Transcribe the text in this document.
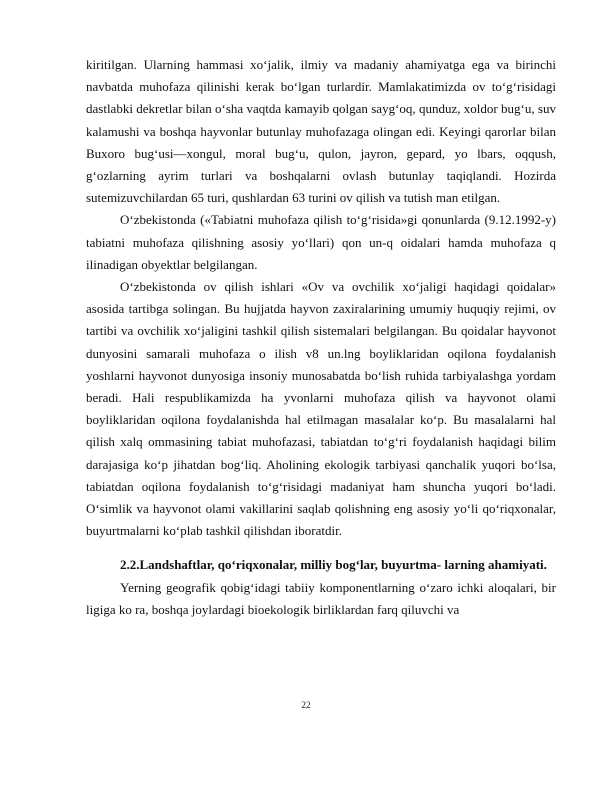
kiritilgan. Ularning hammasi xo‘jalik, ilmiy va madaniy ahamiyatga ega va birinchi navbatda muhofaza qilinishi kerak bo‘lgan turlardir. Mamlakatimizda ov to‘g‘risidagi dastlabki dekretlar bilan o‘sha vaqtda kamayib qolgan sayg‘oq, qunduz, xoldor bug‘u, suv kalamushi va boshqa hayvonlar butunlay muhofazaga olingan edi. Keyingi qarorlar bilan Buxoro bug‘usi—xongul, moral bug‘u, qulon, jayron, gepard, yo lbars, oqqush, g‘ozlarning ayrim turlari va boshqalarni ovlash butunlay taqiqlandi. Hozirda sutemizuvchilardan 65 turi, qushlardan 63 turini ov qilish va tutish man etilgan.

O‘zbekistonda («Tabiatni muhofaza qilish to‘g‘risida»gi qonunlarda (9.12.1992-y) tabiatni muhofaza qilishning asosiy yo‘llari) qon un-q oidalari hamda muhofaza q ilinadigan obyektlar belgilangan.

O‘zbekistonda ov qilish ishlari «Ov va ovchilik xo‘jaligi haqidagi qoidalar» asosida tartibga solingan. Bu hujjatda hayvon zaxiralarining umumiy huquqiy rejimi, ov tartibi va ovchilik xo‘jaligini tashkil qilish sistemalari belgilangan. Bu qoidalar hayvonot dunyosini samarali muhofaza o ilish v8 un.lng boyliklaridan oqilona foydalanish yoshlarni hayvonot dunyosiga insoniy munosabatda bo‘lish ruhida tarbiyalashga yordam beradi. Hali respublikamizda ha yvonlarni muhofaza qilish va hayvonot olami boyliklaridan oqilona foydalanishda hal etilmagan masalalar ko‘p. Bu masalalarni hal qilish xalq ommasining tabiat muhofazasi, tabiatdan to‘g‘ri foydalanish haqidagi bilim darajasiga ko‘p jihatdan bog‘liq. Aholining ekologik tarbiyasi qanchalik yuqori bo‘lsa, tabiatdan oqilona foydalanish to‘g‘risidagi madaniyat ham shuncha yuqori bo‘ladi. O‘simlik va hayvonot olami vakillarini saqlab qolishning eng asosiy yo‘li qo‘riqxonalar, buyurtmalarni ko‘plab tashkil qilishdan iboratdir.

2.2.Landshaftlar, qo‘riqxonalar, milliy bog‘lar, buyurtma- larning ahamiyati.

Yerning geografik qobig‘idagi tabiiy komponentlarning o‘zaro ichki aloqalari, bir ligiga ko ra, boshqa joylardagi bioekologik birliklardan farq qiluvchi va

22
